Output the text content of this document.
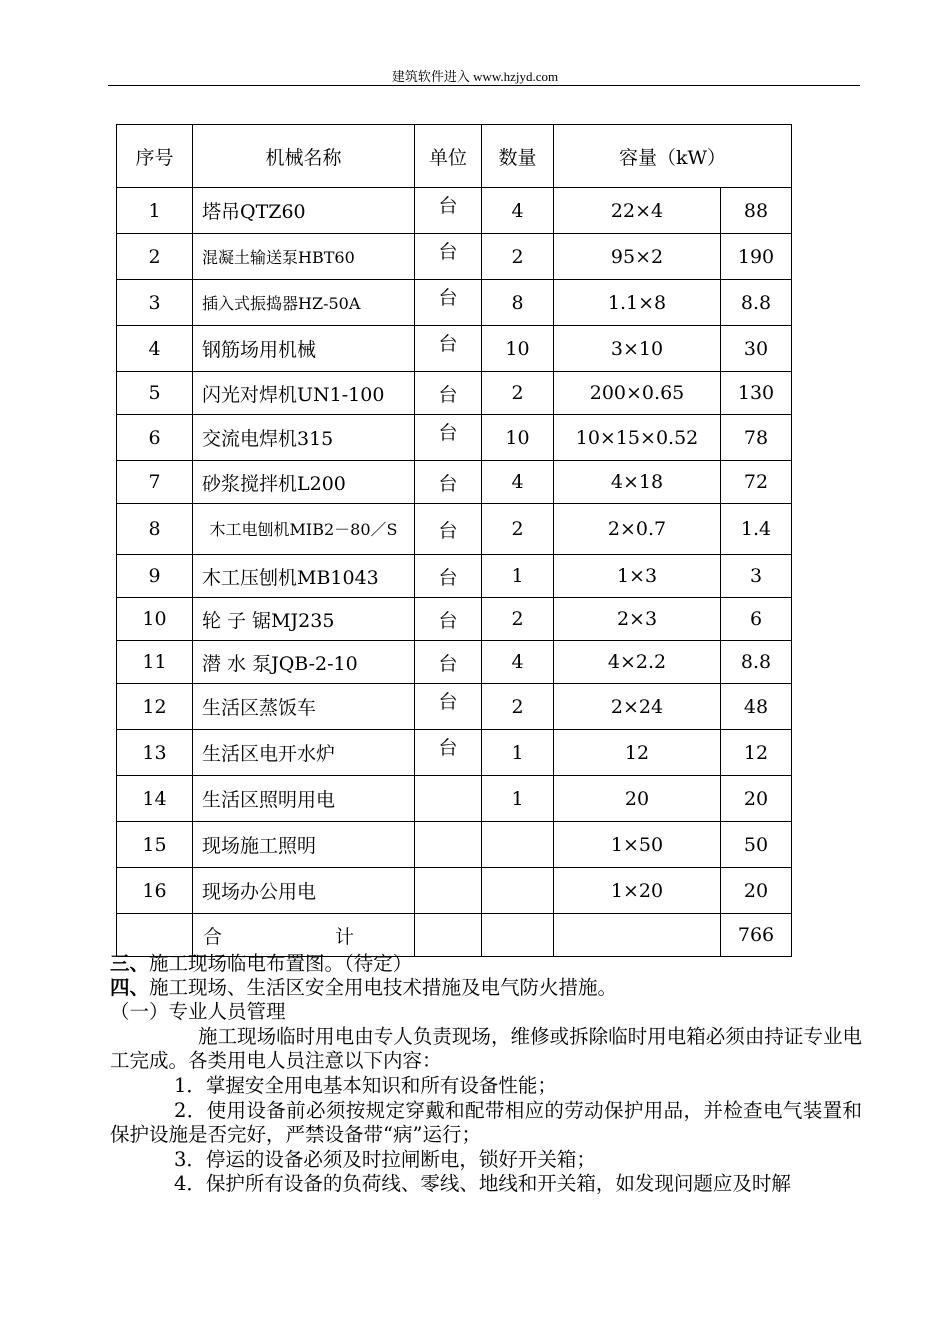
建筑软件进入 www.hzjyd.com
序号	机械名称	单位	数量	容量（kW）	
1	塔吊QTZ60	台	4	22×4	88
2	混凝土输送泵HBT60	台	2	95×2	190
3	插入式振捣器HZ-50A	台	8	1.1×8	8.8
4	钢筋场用机械	台	10	3×10	30
5	闪光对焊机UN1-100	台	2	200×0.65	130
6	交流电焊机315	台	10	10×15×0.52	78
7	砂浆搅拌机L200	台	4	4×18	72
8	木工电刨机MIB2－80／S	台	2	2×0.7	1.4
9	木工压刨机MB1043	台	1	1×3	3
10	轮 子 锯MJ235	台	2	2×3	6
11	潜 水 泵JQB-2-10	台	4	4×2.2	8.8
12	生活区蒸饭车	台	2	2×24	48
13	生活区电开水炉	台	1	12	12
14	生活区照明用电		1	20	20
15	现场施工照明			1×50	50
16	现场办公用电			1×20	20

	合 计				766
三、施工现场临电布置图。（待定）
四、施工现场、生活区安全用电技术措施及电气防火措施。
（一）专业人员管理
施工现场临时用电由专人负责现场，维修或拆除临时用电箱必须由持证专业电工完成。各类用电人员注意以下内容：
1．掌握安全用电基本知识和所有设备性能；
2．使用设备前必须按规定穿戴和配带相应的劳动保护用品，并检查电气装置和保护设施是否完好，严禁设备带“病”运行；
3．停运的设备必须及时拉闸断电，锁好开关箱；
4．保护所有设备的负荷线、零线、地线和开关箱，如发现问题应及时解
